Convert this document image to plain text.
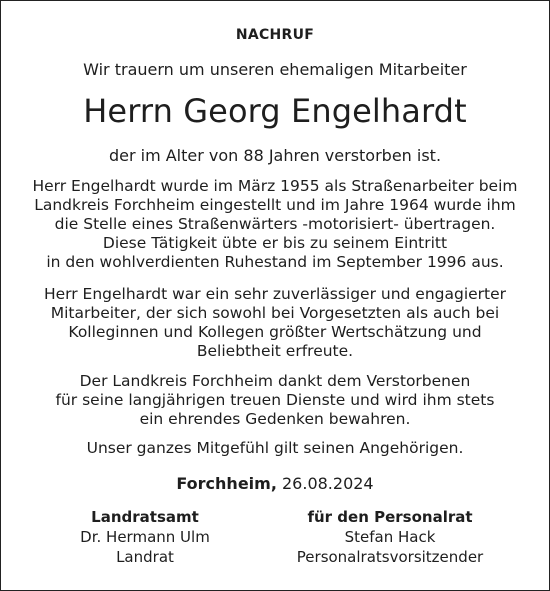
NACHRUF
Wir trauern um unseren ehemaligen Mitarbeiter
Herrn Georg Engelhardt
der im Alter von 88 Jahren verstorben ist.
Herr Engelhardt wurde im März 1955 als Straßenarbeiter beim
Landkreis Forchheim eingestellt und im Jahre 1964 wurde ihm
die Stelle eines Straßenwärters -motorisiert- übertragen.
Diese Tätigkeit übte er bis zu seinem Eintritt
in den wohlverdienten Ruhestand im September 1996 aus.
Herr Engelhardt war ein sehr zuverlässiger und engagierter
Mitarbeiter, der sich sowohl bei Vorgesetzten als auch bei
Kolleginnen und Kollegen größter Wertschätzung und
Beliebtheit erfreute.
Der Landkreis Forchheim dankt dem Verstorbenen
für seine langjährigen treuen Dienste und wird ihm stets
ein ehrendes Gedenken bewahren.
Unser ganzes Mitgefühl gilt seinen Angehörigen.
Forchheim, 26.08.2024
Landratsamt
Dr. Hermann Ulm
Landrat
für den Personalrat
Stefan Hack
Personalratsvorsitzender
